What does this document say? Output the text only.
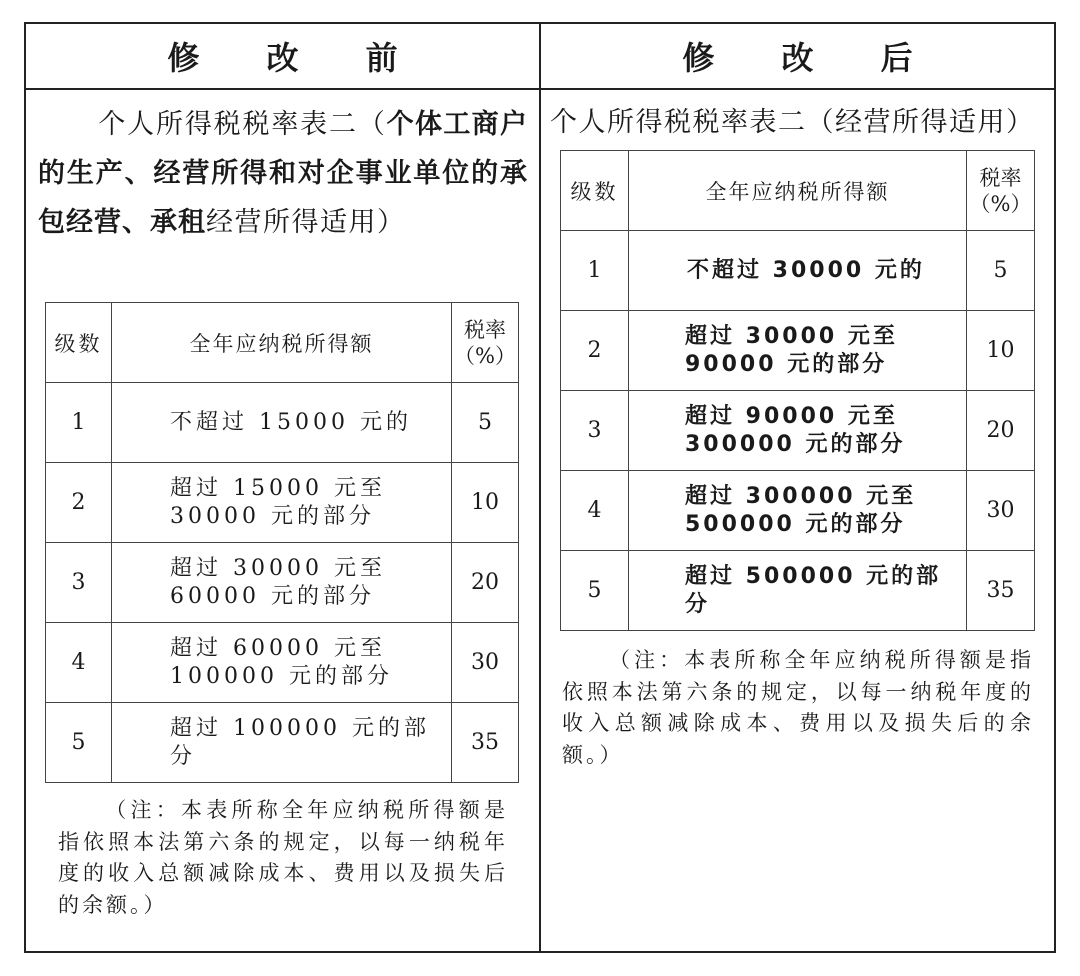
修 改 前	修 改 后
个人所得税税率表二（个体工商户的生产、经营所得和对企事业单位的承包经营、承租经营所得适用）
级数	全年应纳税所得额	税率（%）
1	不超过 15000 元的	5
2	超过 15000 元至 30000 元的部分	10
3	超过 30000 元至 60000 元的部分	20
4	超过 60000 元至 100000 元的部分	30
5	超过 100000 元的部分	35
（注：本表所称全年应纳税所得额是指依照本法第六条的规定，以每一纳税年度的收入总额减除成本、费用以及损失后的余额。）
个人所得税税率表二（经营所得适用）
级数	全年应纳税所得额	税率（%）
1	不超过 30000 元的	5
2	超过 30000 元至 90000 元的部分	10
3	超过 90000 元至 300000 元的部分	20
4	超过 300000 元至 500000 元的部分	30
5	超过 500000 元的部分	35
（注：本表所称全年应纳税所得额是指依照本法第六条的规定，以每一纳税年度的收入总额减除成本、费用以及损失后的余额。）
